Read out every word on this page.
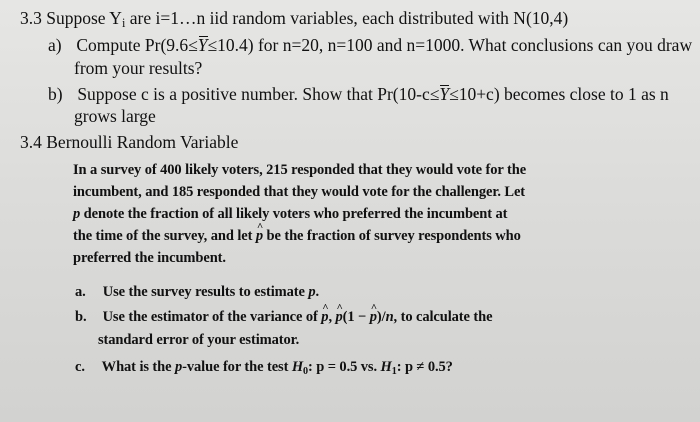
3.3 Suppose $Y_i$ are i=1…n iid random variables, each distributed with N(10,4)
a) Compute Pr(9.6≤Y≤10.4) for n=20, n=100 and n=1000. What conclusions can you draw
from your results?
b) Suppose c is a positive number. Show that Pr(10-c≤Y≤10+c) becomes close to 1 as n
grows large
3.4 Bernoulli Random Variable
In a survey of 400 likely voters, 215 responded that they would vote for the
incumbent, and 185 responded that they would vote for the challenger. Let
p denote the fraction of all likely voters who preferred the incumbent at
the time of the survey, and let p ^ be the fraction of survey respondents who
preferred the incumbent.
a. Use the survey results to estimate p.
b. Use the estimator of the variance of p ^, p ^(1 − p ^)/n, to calculate the
standard error of your estimator.
c. What is the p-value for the test $H_0$: p = 0.5 vs. $H_1$: p ≠ 0.5?
